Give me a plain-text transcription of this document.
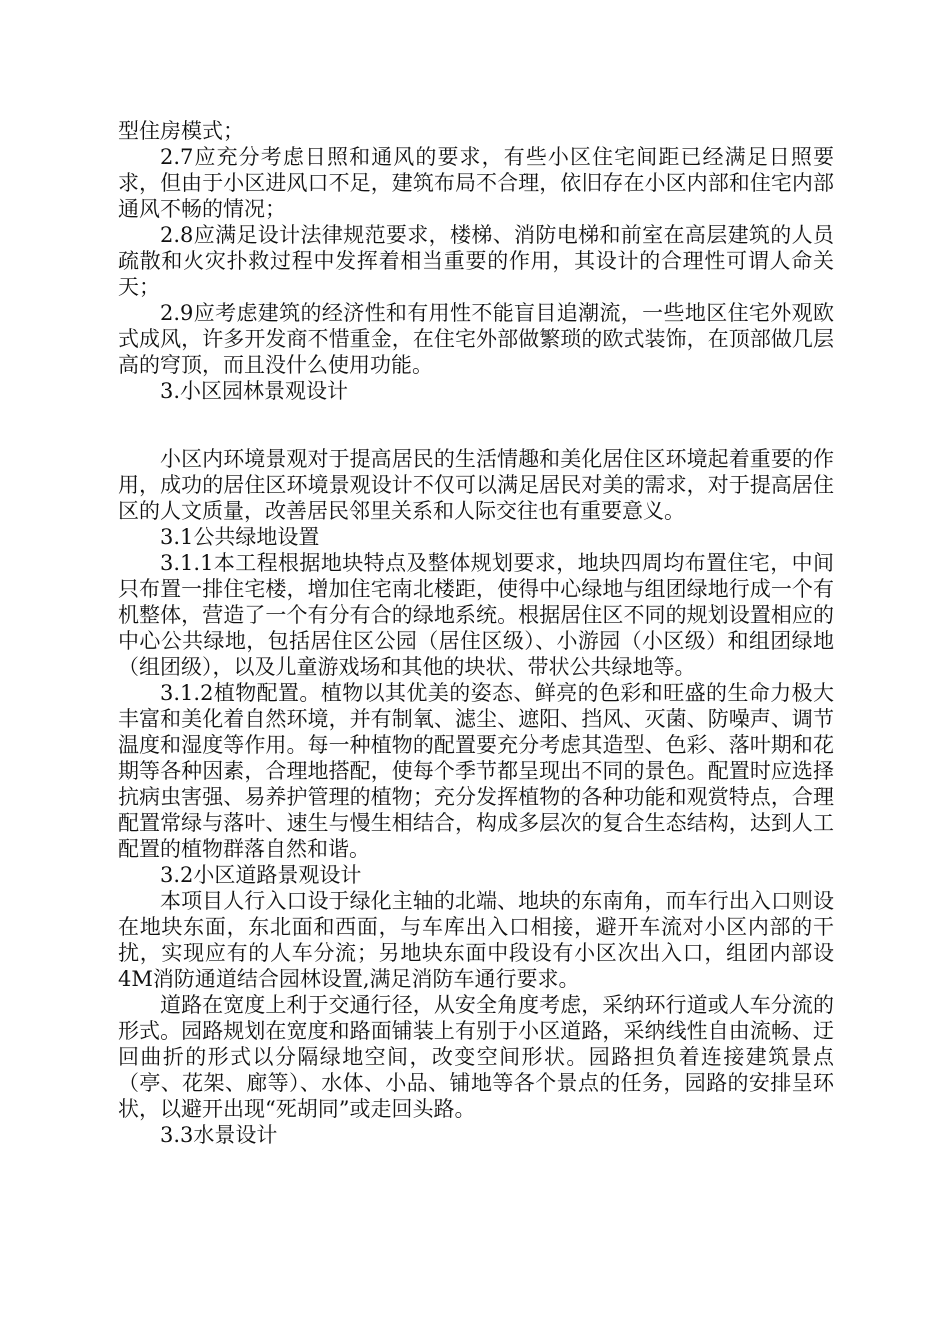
型住房模式；

2.7应充分考虑日照和通风的要求，有些小区住宅间距已经满足日照要求，但由于小区进风口不足，建筑布局不合理，依旧存在小区内部和住宅内部通风不畅的情况；

2.8应满足设计法律规范要求，楼梯、消防电梯和前室在高层建筑的人员疏散和火灾扑救过程中发挥着相当重要的作用，其设计的合理性可谓人命关天；

2.9应考虑建筑的经济性和有用性不能盲目追潮流，一些地区住宅外观欧式成风，许多开发商不惜重金，在住宅外部做繁琐的欧式装饰，在顶部做几层高的穹顶，而且没什么使用功能。

3.小区园林景观设计

小区内环境景观对于提高居民的生活情趣和美化居住区环境起着重要的作用，成功的居住区环境景观设计不仅可以满足居民对美的需求，对于提高居住区的人文质量，改善居民邻里关系和人际交往也有重要意义。

3.1公共绿地设置

3.1.1本工程根据地块特点及整体规划要求，地块四周均布置住宅，中间只布置一排住宅楼，增加住宅南北楼距，使得中心绿地与组团绿地行成一个有机整体，营造了一个有分有合的绿地系统。根据居住区不同的规划设置相应的中心公共绿地，包括居住区公园（居住区级）、小游园（小区级）和组团绿地（组团级），以及儿童游戏场和其他的块状、带状公共绿地等。

3.1.2植物配置。植物以其优美的姿态、鲜亮的色彩和旺盛的生命力极大丰富和美化着自然环境，并有制氧、滤尘、遮阳、挡风、灭菌、防噪声、调节温度和湿度等作用。每一种植物的配置要充分考虑其造型、色彩、落叶期和花期等各种因素，合理地搭配，使每个季节都呈现出不同的景色。配置时应选择抗病虫害强、易养护管理的植物；充分发挥植物的各种功能和观赏特点，合理配置常绿与落叶、速生与慢生相结合，构成多层次的复合生态结构，达到人工配置的植物群落自然和谐。

3.2小区道路景观设计

本项目人行入口设于绿化主轴的北端、地块的东南角，而车行出入口则设在地块东面，东北面和西面，与车库出入口相接，避开车流对小区内部的干扰，实现应有的人车分流；另地块东面中段设有小区次出入口，组团内部设4M消防通道结合园林设置,满足消防车通行要求。

道路在宽度上利于交通行径，从安全角度考虑，采纳环行道或人车分流的形式。园路规划在宽度和路面铺装上有别于小区道路，采纳线性自由流畅、迂回曲折的形式以分隔绿地空间，改变空间形状。园路担负着连接建筑景点（亭、花架、廊等）、水体、小品、铺地等各个景点的任务，园路的安排呈环状，以避开出现“死胡同”或走回头路。

3.3水景设计
